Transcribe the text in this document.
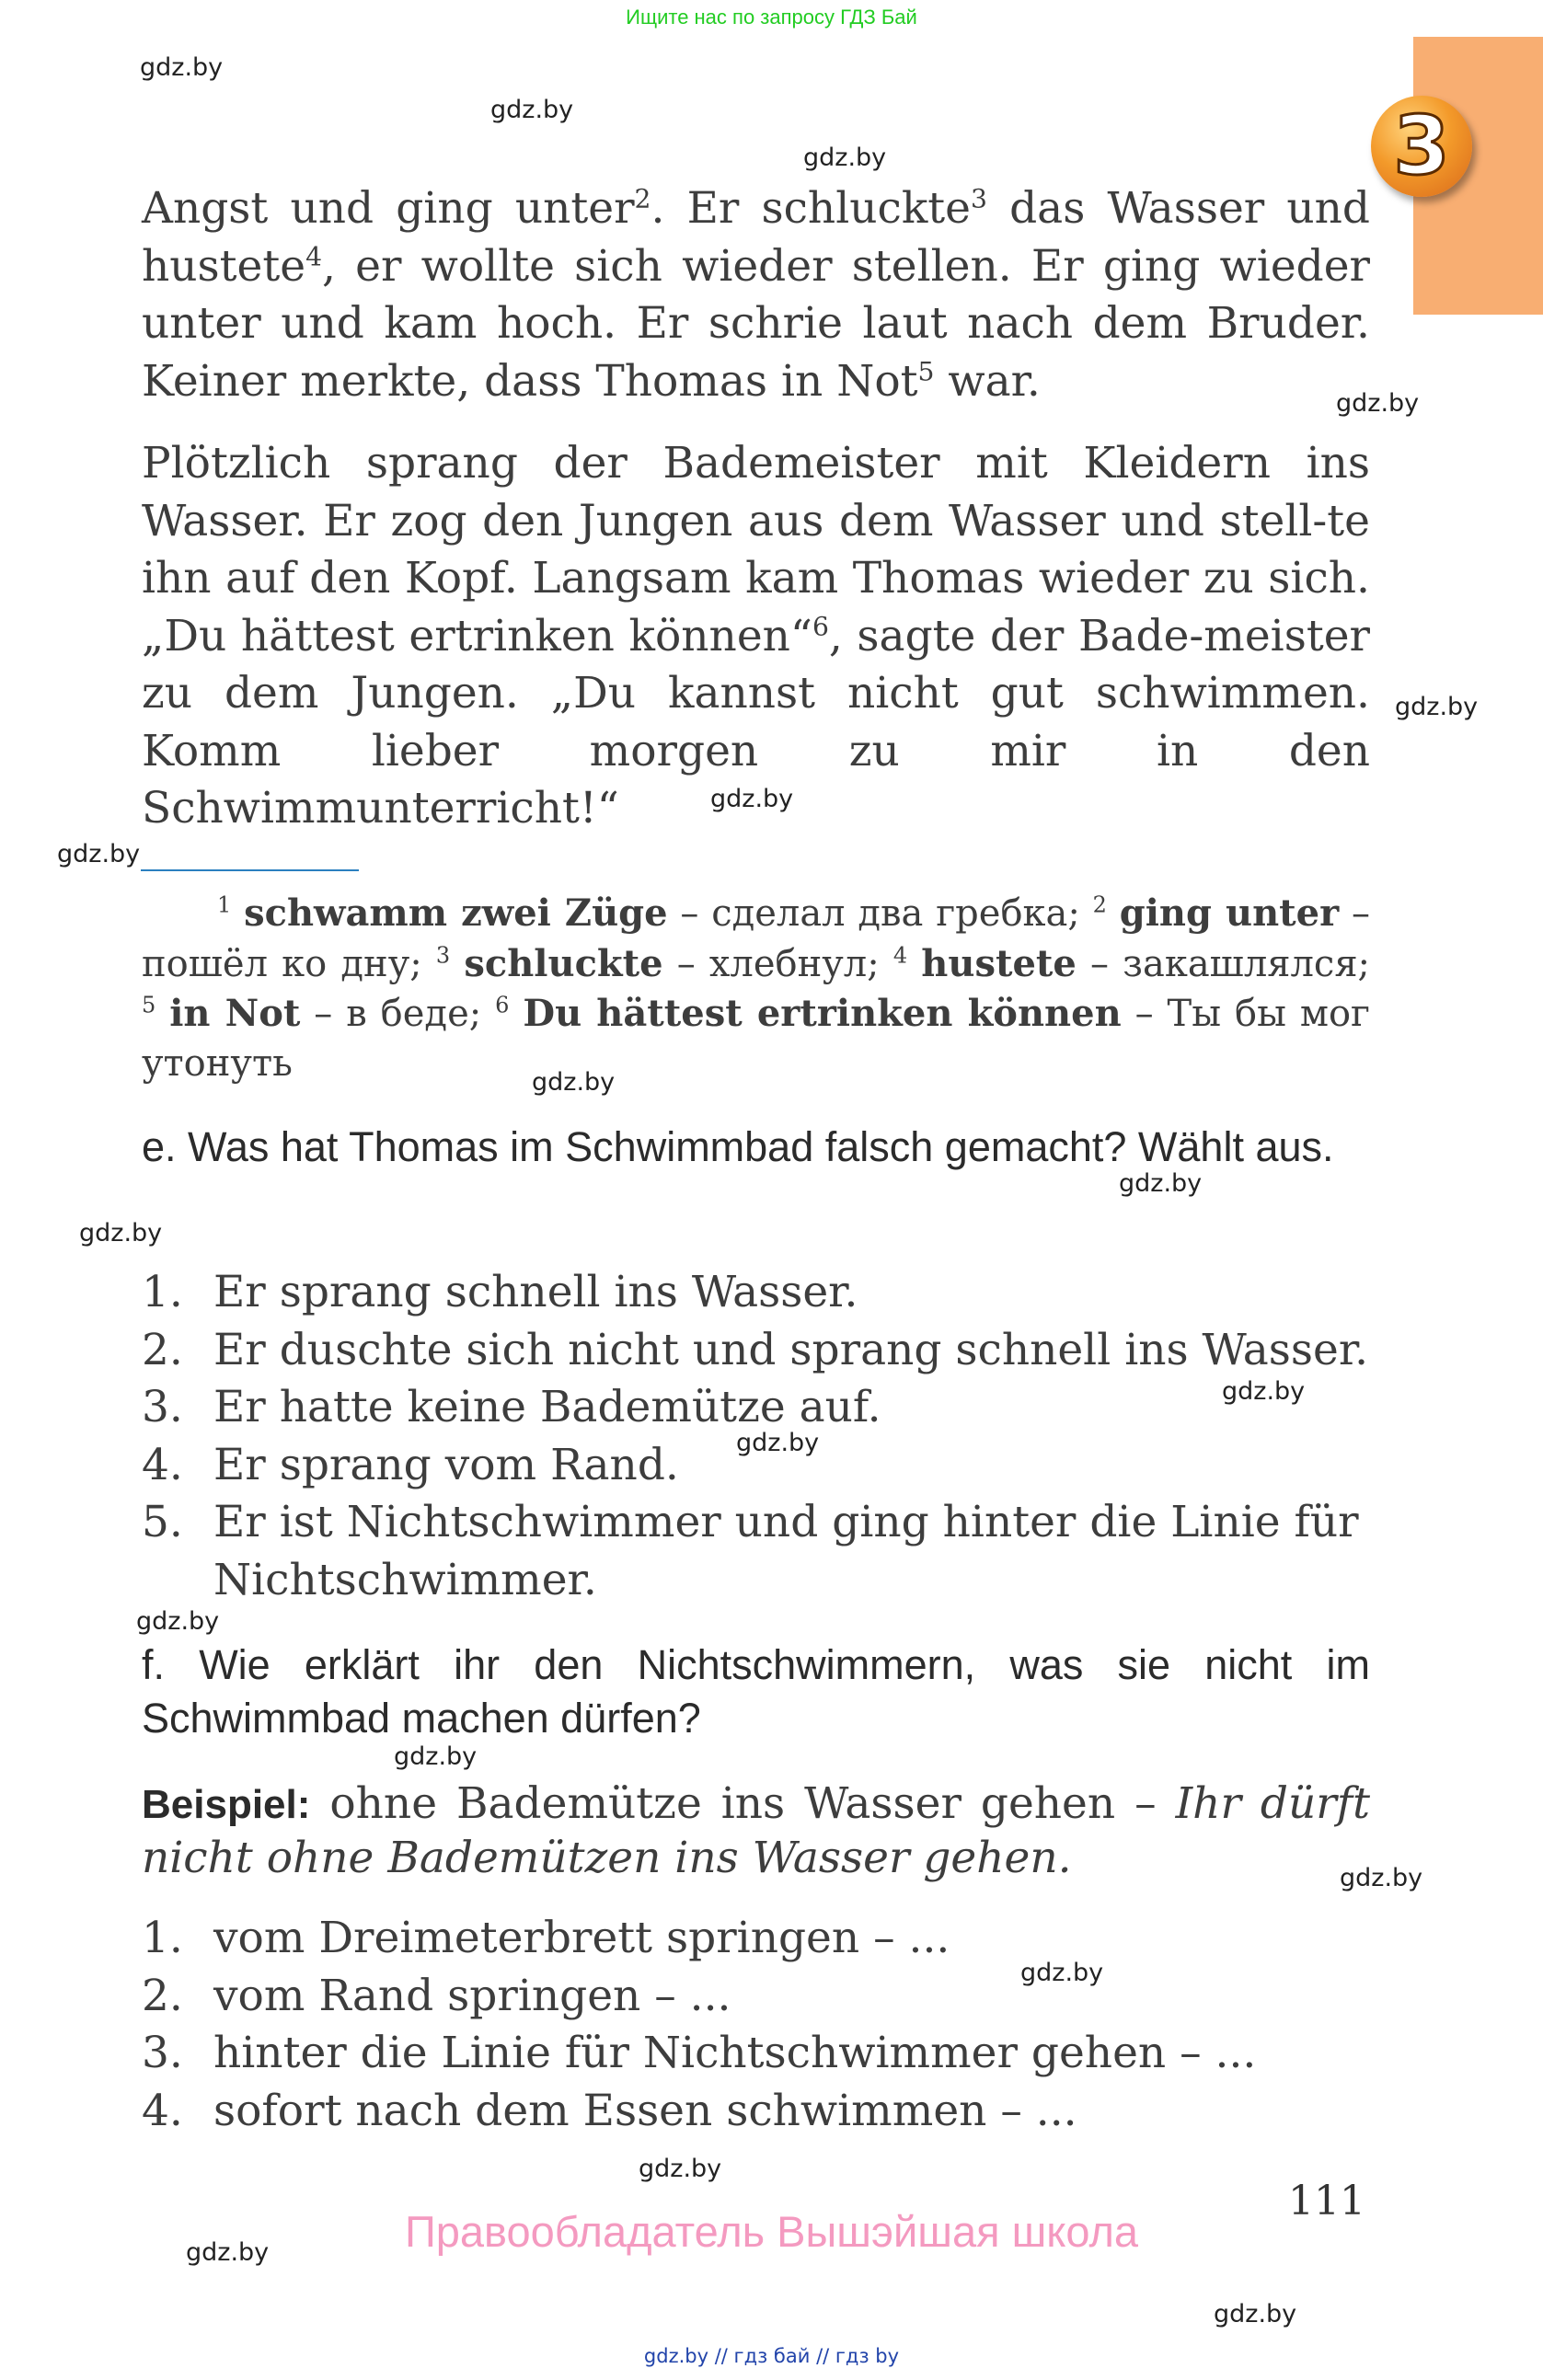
Ищите нас по запросу ГДЗ Бай
3
gdz.by
gdz.by
gdz.by
gdz.by
gdz.by
gdz.by
gdz.by
gdz.by
gdz.by
gdz.by
gdz.by
gdz.by
gdz.by
gdz.by
gdz.by
gdz.by
gdz.by
gdz.by
gdz.by
Angst und ging unter$^2$. Er schluckte$^3$ das Wasser und hustete$^4$, er wollte sich wieder stellen. Er ging wieder unter und kam hoch. Er schrie laut nach dem Bruder. Keiner merkte, dass Thomas in Not$^5$ war.
Plötzlich sprang der Bademeister mit Kleidern ins Wasser. Er zog den Jungen aus dem Wasser und stell-te ihn auf den Kopf. Langsam kam Thomas wieder zu sich. „Du hättest ertrinken können“$^6$, sagte der Bade-meister zu dem Jungen. „Du kannst nicht gut schwimmen. Komm lieber morgen zu mir in den Schwimmunterricht!“
$^1$ schwamm zwei Züge – сделал два гребка; $^2$ ging unter – пошёл ко дну; $^3$ schluckte – хлебнул; $^4$ hustete – закашлялся; $^5$ in Not – в беде; $^6$ Du hättest ertrinken können – Ты бы мог утонуть
e. Was hat Thomas im Schwimmbad falsch gemacht? Wählt aus.
1. Er sprang schnell ins Wasser.
2. Er duschte sich nicht und sprang schnell ins Wasser.
3. Er hatte keine Bademütze auf.
4. Er sprang vom Rand.
5. Er ist Nichtschwimmer und ging hinter die Linie für Nichtschwimmer.
f. Wie erklärt ihr den Nichtschwimmern, was sie nicht im Schwimmbad machen dürfen?
Beispiel: ohne Bademütze ins Wasser gehen – Ihr dürft nicht ohne Bademützen ins Wasser gehen.
1. vom Dreimeterbrett springen – ...
2. vom Rand springen – ...
3. hinter die Linie für Nichtschwimmer gehen – ...
4. sofort nach dem Essen schwimmen – ...
111
Правообладатель Вышэйшая школа
gdz.by // гдз бай // гдз by
